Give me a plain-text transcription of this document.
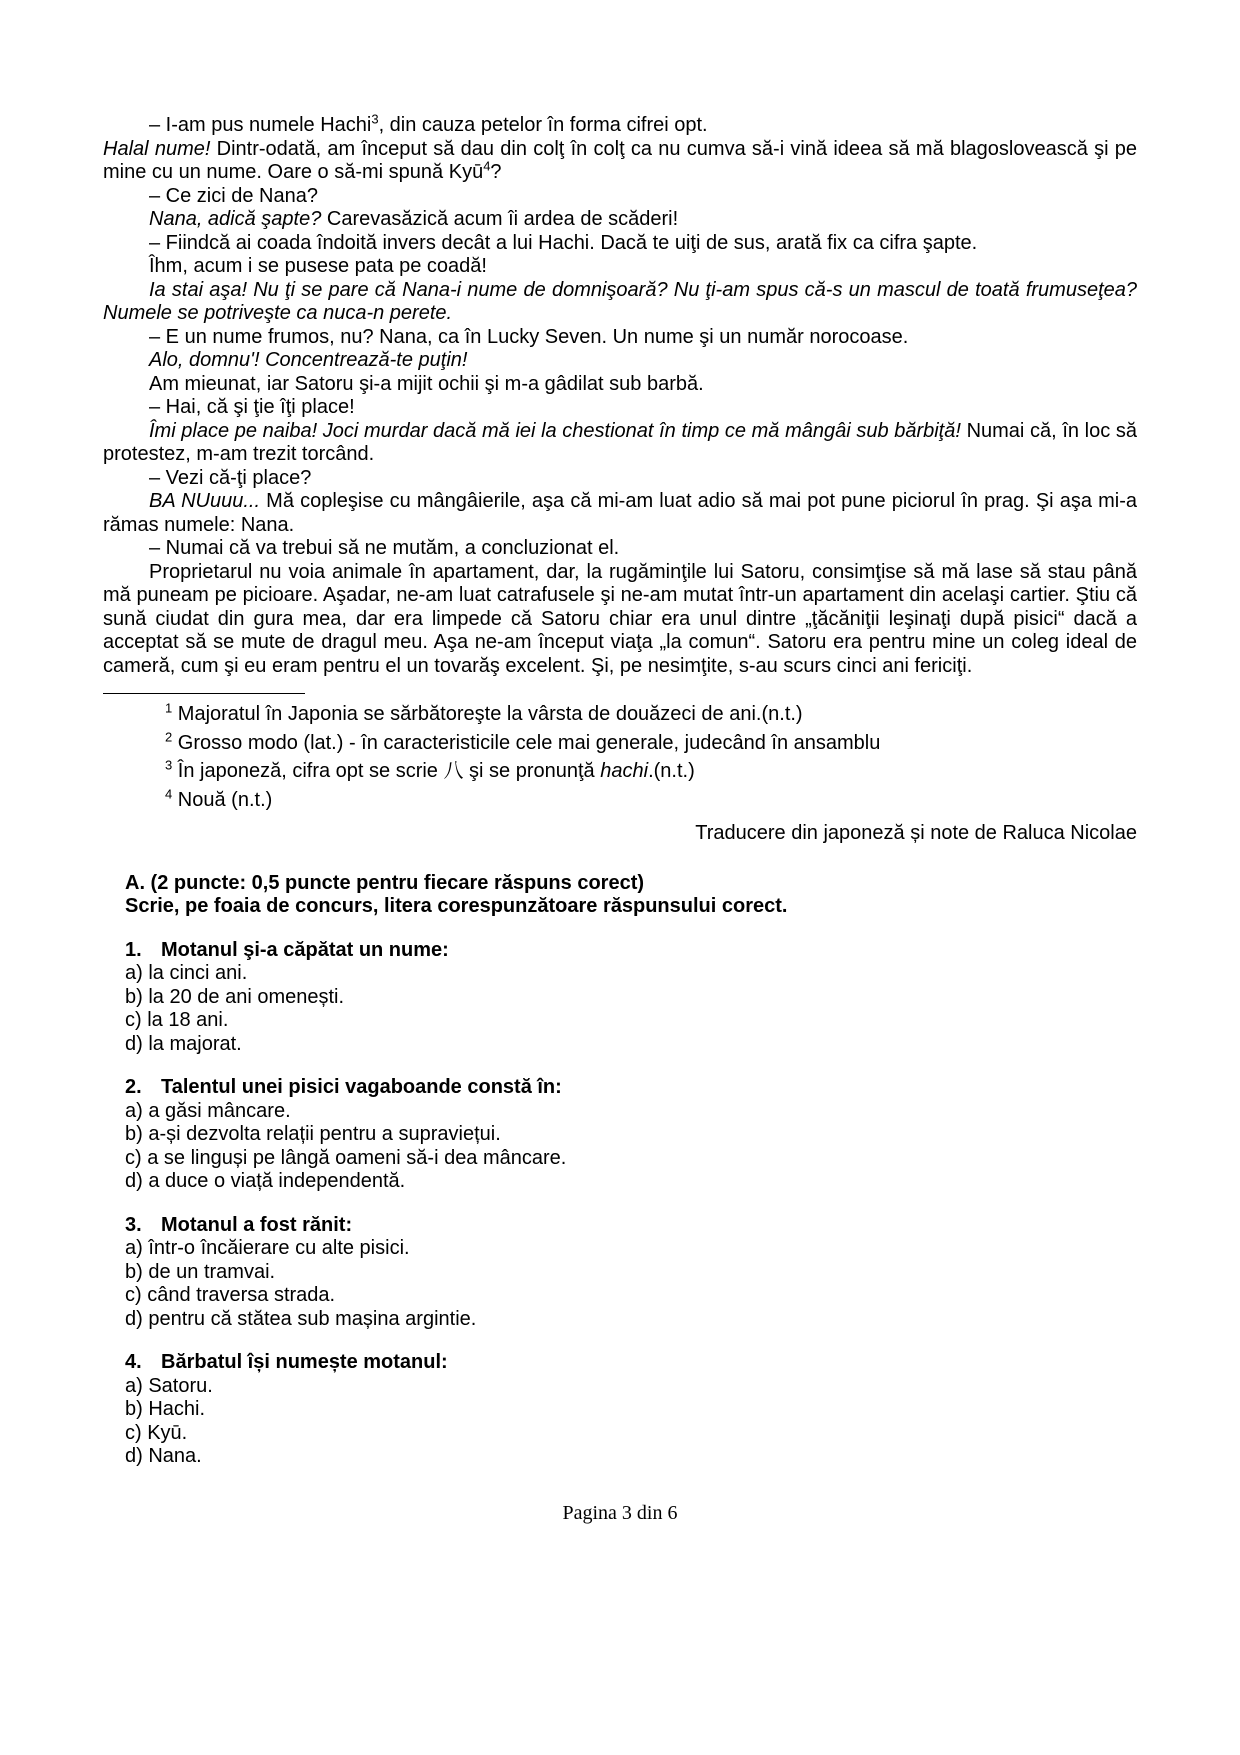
– I-am pus numele Hachi$^3$, din cauza petelor în forma cifrei opt.

Halal nume! Dintr-odată, am început să dau din colţ în colţ ca nu cumva să-i vină ideea să mă blagoslovească şi pe mine cu un nume. Oare o să-mi spună Kyū$^4$?

– Ce zici de Nana?

Nana, adică şapte? Carevasăzică acum îi ardea de scăderi!

– Fiindcă ai coada îndoită invers decât a lui Hachi. Dacă te uiţi de sus, arată fix ca cifra şapte.

Îhm, acum i se pusese pata pe coadă!

Ia stai aşa! Nu ţi se pare că Nana-i nume de domnişoară? Nu ţi-am spus că-s un mascul de toată frumuseţea? Numele se potriveşte ca nuca-n perete.

– E un nume frumos, nu? Nana, ca în Lucky Seven. Un nume şi un număr norocoase.

Alo, domnu'! Concentrează-te puţin!

Am mieunat, iar Satoru şi-a mijit ochii şi m-a gâdilat sub barbă.

– Hai, că şi ţie îţi place!

Îmi place pe naiba! Joci murdar dacă mă iei la chestionat în timp ce mă mângâi sub bărbiţă! Numai că, în loc să protestez, m-am trezit torcând.

– Vezi că-ţi place?

BA NUuuu... Mă copleşise cu mângâierile, aşa că mi-am luat adio să mai pot pune piciorul în prag. Şi aşa mi-a rămas numele: Nana.

– Numai că va trebui să ne mutăm, a concluzionat el.

Proprietarul nu voia animale în apartament, dar, la rugăminţile lui Satoru, consimţise să mă lase să stau până mă puneam pe picioare. Aşadar, ne-am luat catrafusele şi ne-am mutat într-un apartament din acelaşi cartier. Ştiu că sună ciudat din gura mea, dar era limpede că Satoru chiar era unul dintre „ţăcăniţii leşinaţi după pisici“ dacă a acceptat să se mute de dragul meu. Aşa ne-am început viaţa „la comun“. Satoru era pentru mine un coleg ideal de cameră, cum şi eu eram pentru el un tovarăş excelent. Şi, pe nesimţite, s-au scurs cinci ani fericiţi.

$^1$ Majoratul în Japonia se sărbătoreşte la vârsta de douăzeci de ani.(n.t.)

$^2$ Grosso modo (lat.) - în caracteristicile cele mai generale, judecând în ansamblu

$^3$ În japoneză, cifra opt se scrie 八 şi se pronunţă hachi.(n.t.)

$^4$ Nouă (n.t.)

Traducere din japoneză și note de Raluca Nicolae

A. (2 puncte: 0,5 puncte pentru fiecare răspuns corect)

Scrie, pe foaia de concurs, litera corespunzătoare răspunsului corect.

1. Motanul şi-a căpătat un nume:

a) la cinci ani.

b) la 20 de ani omenești.

c) la 18 ani.

d) la majorat.

2. Talentul unei pisici vagaboande constă în:

a) a găsi mâncare.

b) a-și dezvolta relații pentru a supraviețui.

c) a se linguși pe lângă oameni să-i dea mâncare.

d) a duce o viață independentă.

3. Motanul a fost rănit:

a) într-o încăierare cu alte pisici.

b) de un tramvai.

c) când traversa strada.

d) pentru că stătea sub mașina argintie.

4. Bărbatul își numește motanul:

a) Satoru.

b) Hachi.

c) Kyū.

d) Nana.

Pagina 3 din 6
